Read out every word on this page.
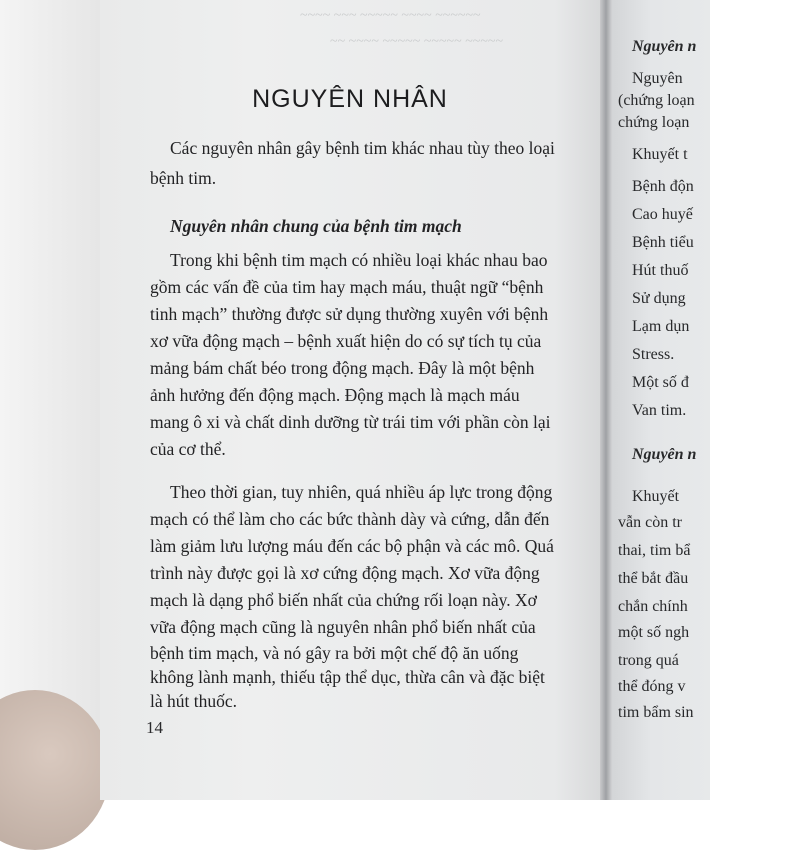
~~~~ ~~~ ~~~~~ ~~~~ ~~~~~~
~~ ~~~~ ~~~~~ ~~~~~ ~~~~~
NGUYÊN NHÂN
Các nguyên nhân gây bệnh tim khác nhau tùy theo loại
bệnh tim.
Nguyên nhân chung của bệnh tim mạch
Trong khi bệnh tim mạch có nhiều loại khác nhau bao
gồm các vấn đề của tim hay mạch máu, thuật ngữ “bệnh
tinh mạch” thường được sử dụng thường xuyên với bệnh
xơ vữa động mạch – bệnh xuất hiện do có sự tích tụ của
mảng bám chất béo trong động mạch. Đây là một bệnh
ảnh hưởng đến động mạch. Động mạch là mạch máu
mang ô xi và chất dinh dưỡng từ trái tim với phần còn lại
của cơ thể.
Theo thời gian, tuy nhiên, quá nhiều áp lực trong động
mạch có thể làm cho các bức thành dày và cứng, dẫn đến
làm giảm lưu lượng máu đến các bộ phận và các mô. Quá
trình này được gọi là xơ cứng động mạch. Xơ vữa động
mạch là dạng phổ biến nhất của chứng rối loạn này. Xơ
vữa động mạch cũng là nguyên nhân phổ biến nhất của
bệnh tim mạch, và nó gây ra bởi một chế độ ăn uống
không lành mạnh, thiếu tập thể dục, thừa cân và đặc biệt
là hút thuốc.
14
Nguyên n
Nguyên
(chứng loạn
chứng loạn
Khuyết t
Bệnh độn
Cao huyế
Bệnh tiểu
Hút thuố
Sử dụng
Lạm dụn
Stress.
Một số đ
Van tim.
Nguyên n
Khuyết
vẫn còn tr
thai, tim bẩ
thể bắt đầu
chắn chính
một số ngh
trong quá
thể đóng v
tim bẩm sin
